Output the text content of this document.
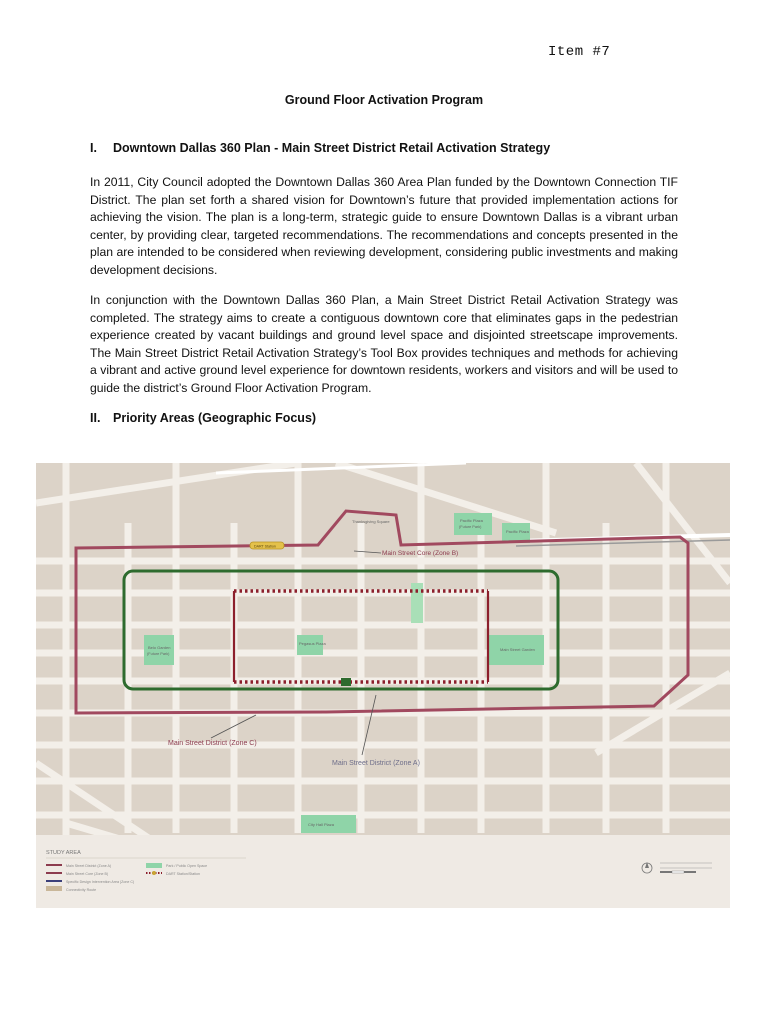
Item #7
Ground Floor Activation Program
I. Downtown Dallas 360 Plan - Main Street District Retail Activation Strategy
In 2011, City Council adopted the Downtown Dallas 360 Area Plan funded by the Downtown Connection TIF District. The plan set forth a shared vision for Downtown’s future that provided implementation actions for achieving the vision. The plan is a long-term, strategic guide to ensure Downtown Dallas is a vibrant urban center, by providing clear, targeted recommendations. The recommendations and concepts presented in the plan are intended to be considered when reviewing development, considering public investments and making development decisions.
In conjunction with the Downtown Dallas 360 Plan, a Main Street District Retail Activation Strategy was completed. The strategy aims to create a contiguous downtown core that eliminates gaps in the pedestrian experience created by vacant buildings and ground level space and disjointed streetscape improvements. The Main Street District Retail Activation Strategy’s Tool Box provides techniques and methods for achieving a vibrant and active ground level experience for downtown residents, workers and visitors and will be used to guide the district’s Ground Floor Activation Program.
II. Priority Areas (Geographic Focus)
Main Street Core (Zone B)
Main Street District (Zone C)
Main Street District (Zone A)
Thanksgiving Square	Pacific Plaza
(Future Park)
Pacific Plaza
Belo Garden
(Future Park)
Pegasus Plaza
Main Street Garden
City Hall Plaza
DART Station
STUDY AREA
Main Street District (Zone A)
Main Street Core (Zone B)
Specific Design Intervention Area (Zone C)
Connectivity Route
Park / Public Open Space
DART Station/Station
